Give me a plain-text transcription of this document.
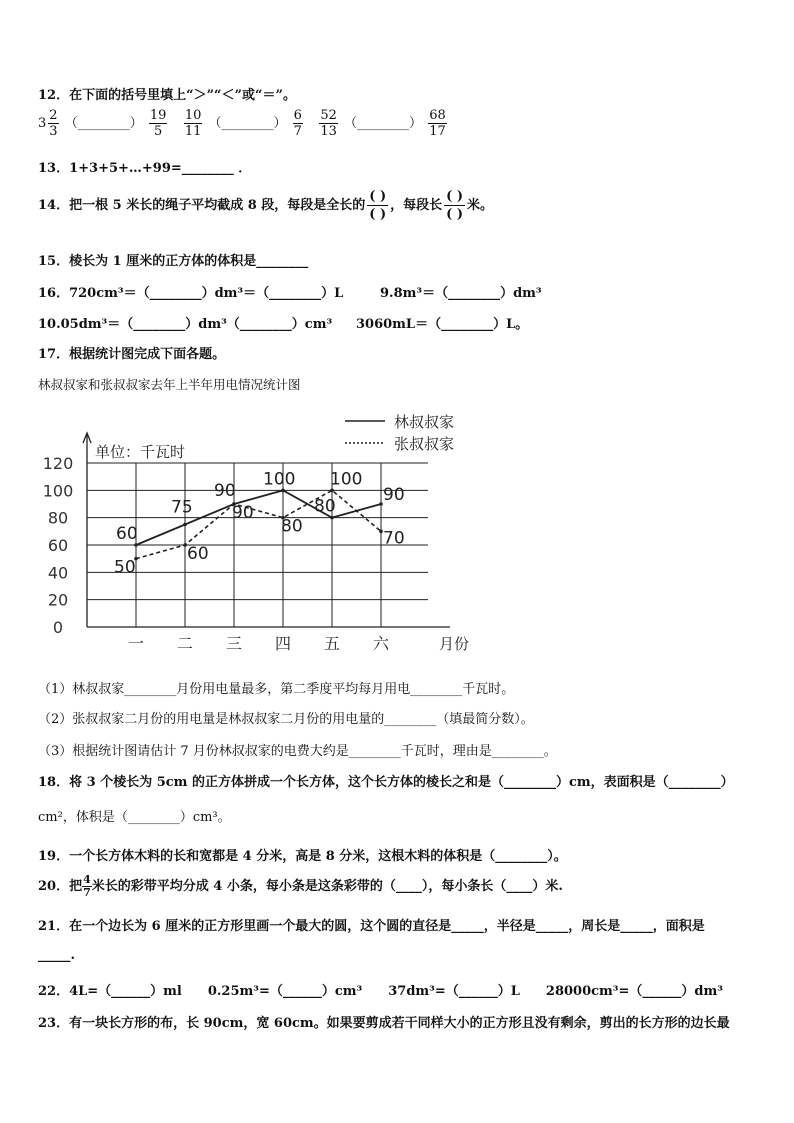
12．在下面的括号里填上“＞”“＜”或“＝”。
$3 \frac{2}{3}$ （________） $\frac{19}{5}$
$\frac{10}{11}$ （________） $\frac{6}{7}$
$\frac{52}{13}$ （________） $\frac{68}{17}$
13．1+3+5+…+99=________ ．
14．把一根 5 米长的绳子平均截成 8 段，每段是全长的
( )
( )
，每段长
( )
( )
米。
15．棱长为 1 厘米的正方体的体积是________
16．720cm³＝（________）dm³＝（________）L	9.8m³＝（________）dm³
10.05dm³＝（________）dm³（________）cm³ 3060mL＝（________）L。
17．根据统计图完成下面各题。
林叔叔家和张叔叔家去年上半年用电情况统计图
林叔叔家
张叔叔家
单位：千瓦时
0
20
40
60
80
100
120
一 二 三 四 五 六	月份
60
75
90
100
80
90
50
60
90
80
100
70
（1）林叔叔家________月份用电量最多，第二季度平均每月用电________千瓦时。
（2）张叔叔家二月份的用电量是林叔叔家二月份的用电量的________（填最简分数）。
（3）根据统计图请估计 7 月份林叔叔家的电费大约是________千瓦时，理由是________。
18．将 3 个棱长为 5cm 的正方体拼成一个长方体，这个长方体的棱长之和是（________）cm，表面积是（________）
cm²，体积是（________）cm³。
19．一个长方体木料的长和宽都是 4 分米，高是 8 分米，这根木料的体积是（________）。
20．把 $\frac{4}{7}$ 米长的彩带平均分成 4 小条，每小条是这条彩带的（____），每小条长（____）米.
21．在一个边长为 6 厘米的正方形里画一个最大的圆，这个圆的直径是_____，半径是_____，周长是_____，面积是
_____.
22．4L=（______）ml　　0.25m³=（______）cm³　　37dm³=（______）L　　28000cm³=（______）dm³
23．有一块长方形的布，长 90cm，宽 60cm。如果要剪成若干同样大小的正方形且没有剩余，剪出的长方形的边长最
